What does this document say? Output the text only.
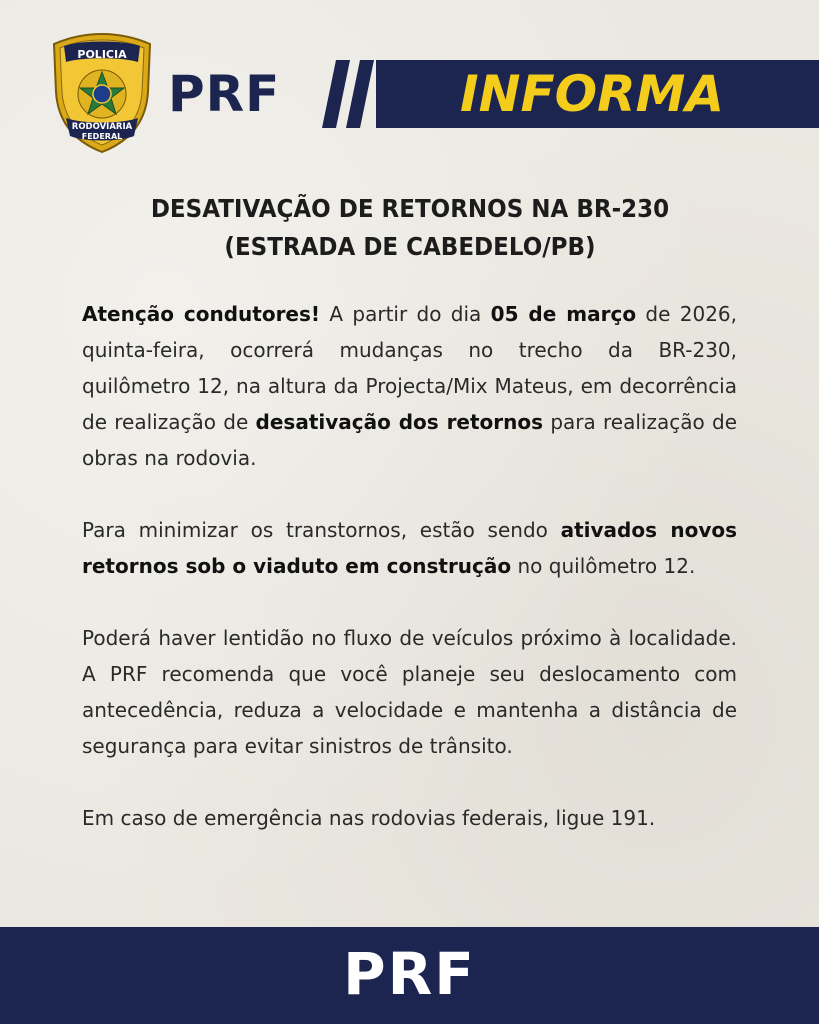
POLICIA
RODOVIARIA
FEDERAL
PRF	INFORMA
DESATIVAÇÃO DE RETORNOS NA BR-230
(ESTRADA DE CABEDELO/PB)

Atenção condutores! A partir do dia 05 de março de 2026, quinta-feira, ocorrerá mudanças no trecho da BR-230, quilômetro 12, na altura da Projecta/Mix Mateus, em decorrência de realização de desativação dos retornos para realização de obras na rodovia.

Para minimizar os transtornos, estão sendo ativados novos retornos sob o viaduto em construção no quilômetro 12.

Poderá haver lentidão no fluxo de veículos próximo à localidade. A PRF recomenda que você planeje seu deslocamento com antecedência, reduza a velocidade e mantenha a distância de segurança para evitar sinistros de trânsito.

Em caso de emergência nas rodovias federais, ligue 191.

PRF
